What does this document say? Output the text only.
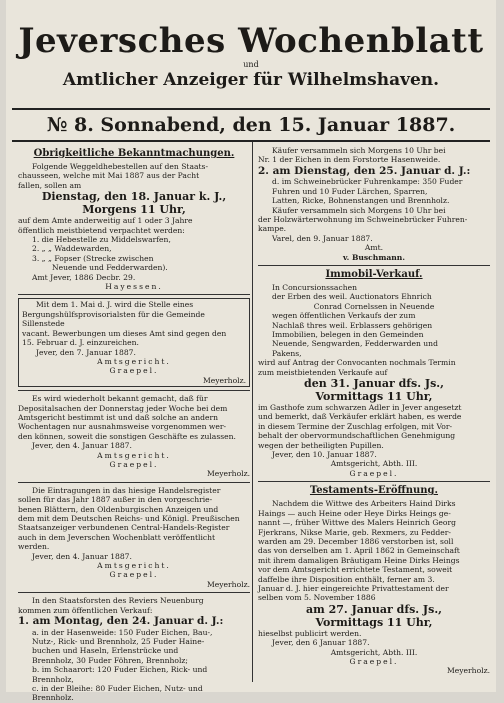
Jeversches Wochenblatt
und
Amtlicher Anzeiger für Wilhelmshaven.
№ 8. Sonnabend, den 15. Januar 1887.
Obrigkeitliche Bekanntmachungen.

Folgende Weggeldhebestellen auf den Staats-

chausseen, welche mit Mai 1887 aus der Pacht

fallen, sollen am

Dienstag, den 18. Januar k. J.,
Morgens 11 Uhr,

auf dem Amte anderweitig auf 1 oder 3 Jahre

öffentlich meistbietend verpachtet werden:

1. die Hebestelle zu Middelswarfen,

2. „ „ Waddewarden,

3. „ „ Fopser (Strecke zwischen

Neuende und Fedderwarden).

Amt Jever, 1886 Decbr. 29.

Hayessen.

Mit dem 1. Mai d. J. wird die Stelle eines

Bergungshülfsprovisorialsten für die Gemeinde Sillenstede

vacant. Bewerbungen um dieses Amt sind gegen den

15. Februar d. J. einzureichen.

Jever, den 7. Januar 1887.

Amtsgericht.

Graepel.

Meyerholz.

Es wird wiederholt bekannt gemacht, daß für

Depositalsachen der Donnerstag jeder Woche bei dem

Amtsgericht bestimmt ist und daß solche an andern

Wochentagen nur ausnahmsweise vorgenommen wer-

den können, soweit die sonstigen Geschäfte es zulassen.

Jever, den 4. Januar 1887.

Amtsgericht.

Graepel.

Meyerholz.

Die Eintragungen in das hiesige Handelsregister

sollen für das Jahr 1887 außer in den vorgeschrie-

benen Blättern, den Oldenburgischen Anzeigen und

dem mit dem Deutschen Reichs- und Königl. Preußischen

Staatsanzeiger verbundenen Central-Handels-Register

auch in dem Jeverschen Wochenblatt veröffentlicht

werden.

Jever, den 4. Januar 1887.

Amtsgericht.

Graepel.

Meyerholz.

In den Staatsforsten des Reviers Neuenburg

kommen zum öffentlichen Verkauf:

1. am Montag, den 24. Januar d. J.:

a. in der Hasenweide: 150 Fuder Eichen, Bau-,

Nutz-, Rick- und Brennholz, 25 Fuder Haine-

buchen und Haseln, Erlenstrücke und

Brennholz, 30 Fuder Föhren, Brennholz;

b. im Schaarort: 120 Fuder Eichen, Rick- und

Brennholz,

c. in der Bleihe: 80 Fuder Eichen, Nutz- und

Brennholz.

Käufer versammeln sich Morgens 10 Uhr bei

Nr. 1 der Eichen in dem Forstorte Hasenweide.

2. am Dienstag, den 25. Januar d. J.:

d. im Schweinebrücker Fuhrenkampe: 350 Fuder

Fuhren und 10 Fuder Lärchen, Sparren,

Latten, Ricke, Bohnenstangen und Brennholz.

Käufer versammeln sich Morgens 10 Uhr bei

der Holzwärterwohnung im Schweinebrücker Fuhren-

kampe.

Varel, den 9. Januar 1887.

Amt.

v. Buschmann.

Immobil-Verkauf.

In Concursionssachen

der Erben des weil. Auctionators Ehnrich

Conrad Cornelssen in Neuende

wegen öffentlichen Verkaufs der zum

Nachlaß thres weil. Erblassers gehörigen

Immobilien, belegen in den Gemeinden

Neuende, Sengwarden, Fedderwarden und

Pakens,

wird auf Antrag der Convocanten nochmals Termin

zum meistbietenden Verkaufe auf

den 31. Januar dfs. Js.,
Vormittags 11 Uhr,

im Gasthofe zum schwarzen Adler in Jever angesetzt

und bemerkt, daß Verkäufer erklärt haben, es werde

in diesem Termine der Zuschlag erfolgen, mit Vor-

behalt der obervormundschaftlichen Genehmigung

wegen der betheiligten Pupillen.

Jever, den 10. Januar 1887.

Amtsgericht, Abth. III.

Graepel.

Testaments-Eröffnung.

Nachdem die Wittwe des Arbeiters Haind Dirks

Haings — auch Heine oder Heye Dirks Heings ge-

nannt —, früher Wittwe des Malers Heinrich Georg

Fjerkrans, Nikse Marie, geb. Rexmers, zu Fedder-

warden am 29. December 1886 verstorben ist, soll

das von derselben am 1. April 1862 in Gemeinschaft

mit ihrem damaligen Bräutigam Heine Dirks Heings

vor dem Amtsgericht errichtete Testament, soweit

daffelbe ihre Disposition enthält, ferner am 3.

Januar d. J. hier eingereichte Privattestament der

selben vom 5. November 1886

am 27. Januar dfs. Js.,
Vormittags 11 Uhr,

hieselbst publicirt werden.

Jever, den 6 Januar 1887.

Amtsgericht, Abth. III.

Graepel.

Meyerholz.
